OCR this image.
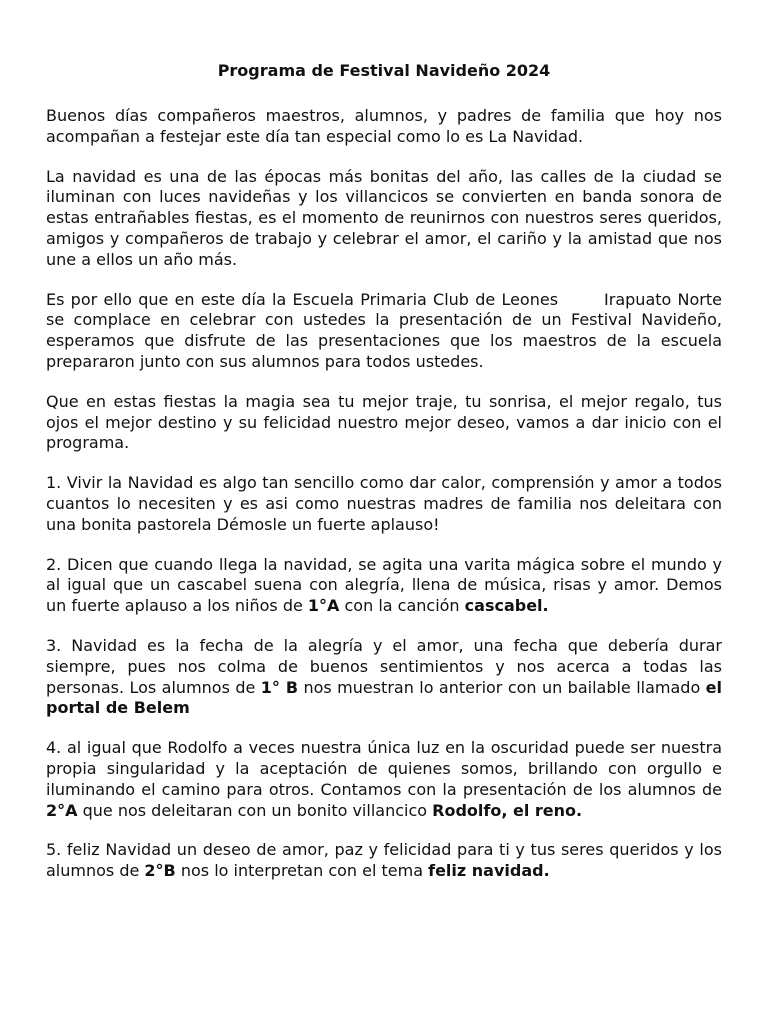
Programa de Festival Navideño 2024

Buenos días compañeros maestros, alumnos, y padres de familia que hoy nos acompañan a festejar este día tan especial como lo es La Navidad.

La navidad es una de las épocas más bonitas del año, las calles de la ciudad se iluminan con luces navideñas y los villancicos se convierten en banda sonora de estas entrañables fiestas, es el momento de reunirnos con nuestros seres queridos, amigos y compañeros de trabajo y celebrar el amor, el cariño y la amistad que nos une a ellos un año más.

Es por ello que en este día la Escuela Primaria Club de Leones	Irapuato Norte se complace en celebrar con ustedes la presentación de un Festival Navideño, esperamos que disfrute de las presentaciones que los maestros de la escuela prepararon junto con sus alumnos para todos ustedes.

Que en estas fiestas la magia sea tu mejor traje, tu sonrisa, el mejor regalo, tus ojos el mejor destino y su felicidad nuestro mejor deseo, vamos a dar inicio con el programa.

1. Vivir la Navidad es algo tan sencillo como dar calor, comprensión y amor a todos cuantos lo necesiten y es asi como nuestras madres de familia nos deleitara con una bonita pastorela Démosle un fuerte aplauso!

2. Dicen que cuando llega la navidad, se agita una varita mágica sobre el mundo y al igual que un cascabel suena con alegría, llena de música, risas y amor. Demos un fuerte aplauso a los niños de 1°A con la canción cascabel.

3. Navidad es la fecha de la alegría y el amor, una fecha que debería durar siempre, pues nos colma de buenos sentimientos y nos acerca a todas las personas. Los alumnos de 1° B nos muestran lo anterior con un bailable llamado el portal de Belem

4. al igual que Rodolfo a veces nuestra única luz en la oscuridad puede ser nuestra propia singularidad y la aceptación de quienes somos, brillando con orgullo e iluminando el camino para otros. Contamos con la presentación de los alumnos de 2°A que nos deleitaran con un bonito villancico Rodolfo, el reno.

5. feliz Navidad un deseo de amor, paz y felicidad para ti y tus seres queridos y los alumnos de 2°B nos lo interpretan con el tema feliz navidad.
